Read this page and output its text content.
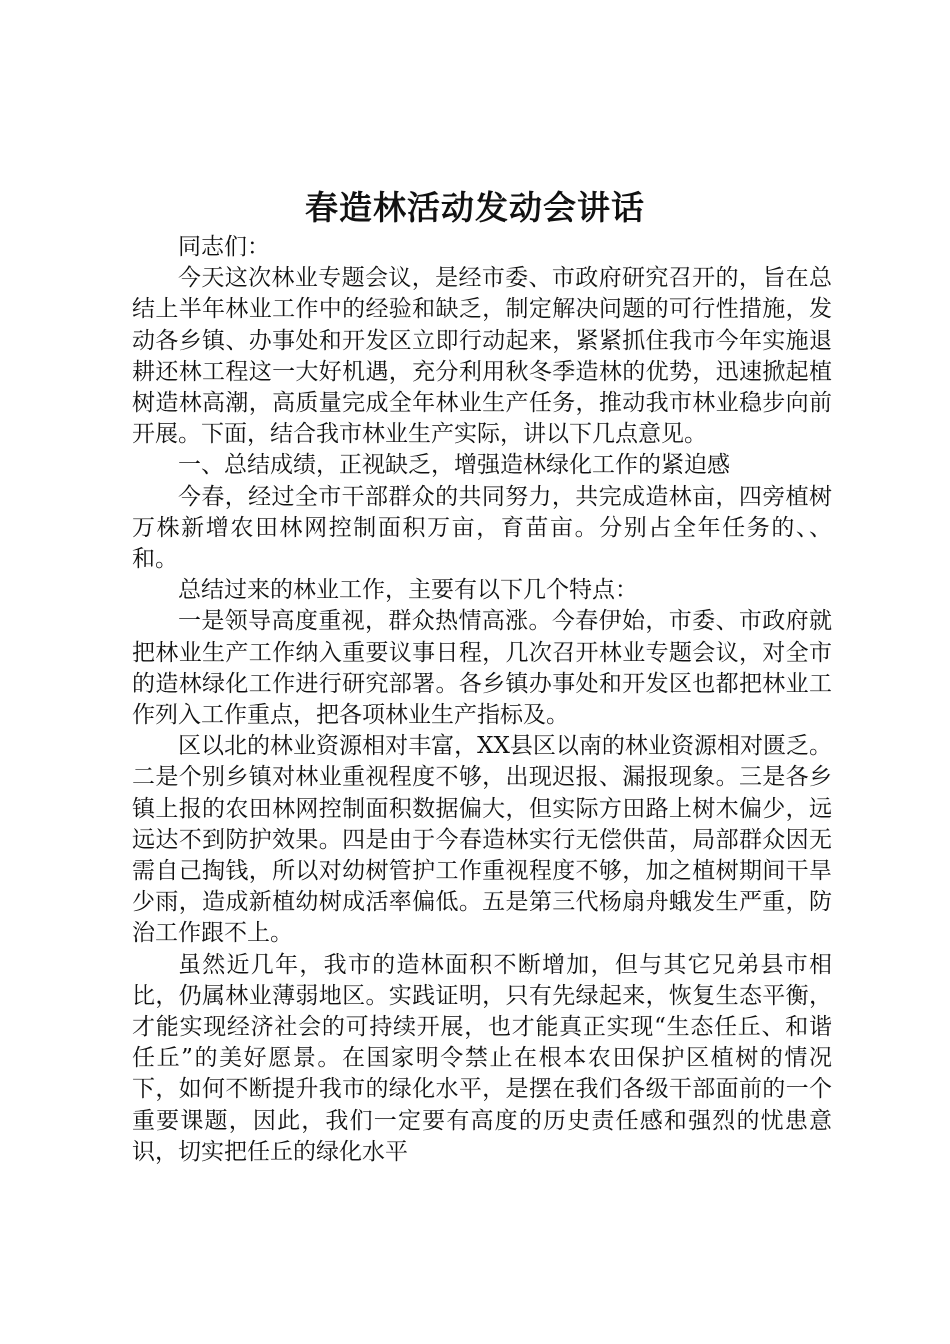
春造林活动发动会讲话

同志们：

今天这次林业专题会议，是经市委、市政府研究召开的，旨在总结上半年林业工作中的经验和缺乏，制定解决问题的可行性措施，发动各乡镇、办事处和开发区立即行动起来，紧紧抓住我市今年实施退耕还林工程这一大好机遇，充分利用秋冬季造林的优势，迅速掀起植树造林高潮，高质量完成全年林业生产任务，推动我市林业稳步向前开展。下面，结合我市林业生产实际，讲以下几点意见。

一、总结成绩，正视缺乏，增强造林绿化工作的紧迫感

今春，经过全市干部群众的共同努力，共完成造林亩，四旁植树万株新增农田林网控制面积万亩，育苗亩。分别占全年任务的、、和。

总结过来的林业工作，主要有以下几个特点：

一是领导高度重视，群众热情高涨。今春伊始，市委、市政府就把林业生产工作纳入重要议事日程，几次召开林业专题会议，对全市的造林绿化工作进行研究部署。各乡镇办事处和开发区也都把林业工作列入工作重点，把各项林业生产指标及。

区以北的林业资源相对丰富，XX县区以南的林业资源相对匮乏。二是个别乡镇对林业重视程度不够，出现迟报、漏报现象。三是各乡镇上报的农田林网控制面积数据偏大，但实际方田路上树木偏少，远远达不到防护效果。四是由于今春造林实行无偿供苗，局部群众因无需自己掏钱，所以对幼树管护工作重视程度不够，加之植树期间干旱少雨，造成新植幼树成活率偏低。五是第三代杨扇舟蛾发生严重，防治工作跟不上。

虽然近几年，我市的造林面积不断增加，但与其它兄弟县市相比，仍属林业薄弱地区。实践证明，只有先绿起来，恢复生态平衡，才能实现经济社会的可持续开展，也才能真正实现“生态任丘、和谐任丘”的美好愿景。在国家明令禁止在根本农田保护区植树的情况下，如何不断提升我市的绿化水平，是摆在我们各级干部面前的一个重要课题，因此，我们一定要有高度的历史责任感和强烈的忧患意识，切实把任丘的绿化水平
